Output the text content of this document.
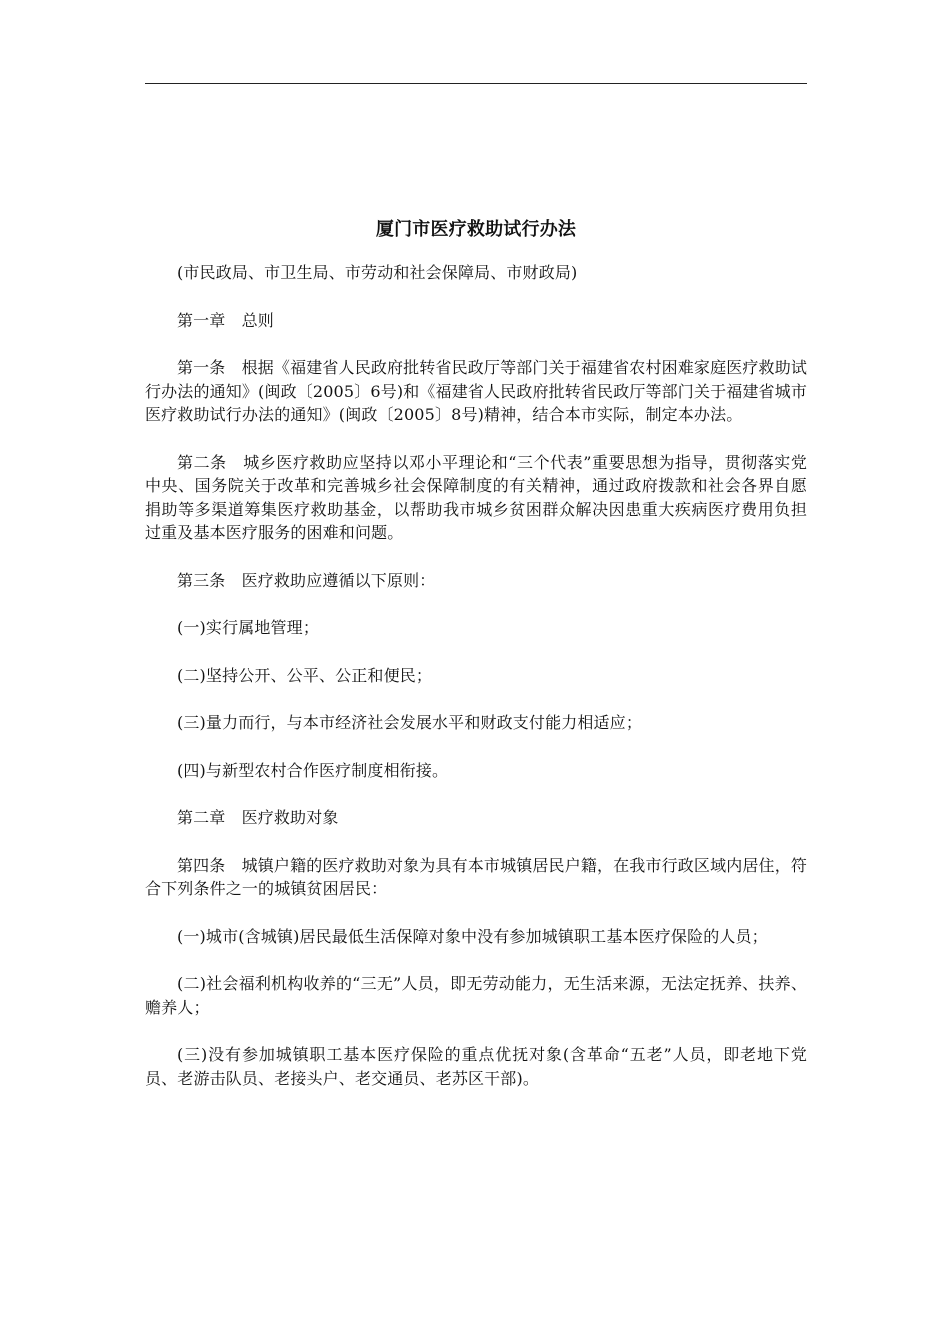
厦门市医疗救助试行办法

(市民政局、市卫生局、市劳动和社会保障局、市财政局)

第一章　总则

第一条　根据《福建省人民政府批转省民政厅等部门关于福建省农村困难家庭医疗救助试行办法的通知》(闽政〔2005〕6号)和《福建省人民政府批转省民政厅等部门关于福建省城市医疗救助试行办法的通知》(闽政〔2005〕8号)精神，结合本市实际，制定本办法。

第二条　城乡医疗救助应坚持以邓小平理论和“三个代表”重要思想为指导，贯彻落实党中央、国务院关于改革和完善城乡社会保障制度的有关精神，通过政府拨款和社会各界自愿捐助等多渠道筹集医疗救助基金，以帮助我市城乡贫困群众解决因患重大疾病医疗费用负担过重及基本医疗服务的困难和问题。

第三条　医疗救助应遵循以下原则：

(一)实行属地管理；

(二)坚持公开、公平、公正和便民；

(三)量力而行，与本市经济社会发展水平和财政支付能力相适应；

(四)与新型农村合作医疗制度相衔接。

第二章　医疗救助对象

第四条　城镇户籍的医疗救助对象为具有本市城镇居民户籍，在我市行政区域内居住，符合下列条件之一的城镇贫困居民：

(一)城市(含城镇)居民最低生活保障对象中没有参加城镇职工基本医疗保险的人员；

(二)社会福利机构收养的“三无”人员，即无劳动能力，无生活来源，无法定抚养、扶养、赡养人；

(三)没有参加城镇职工基本医疗保险的重点优抚对象(含革命“五老”人员，即老地下党员、老游击队员、老接头户、老交通员、老苏区干部)。
